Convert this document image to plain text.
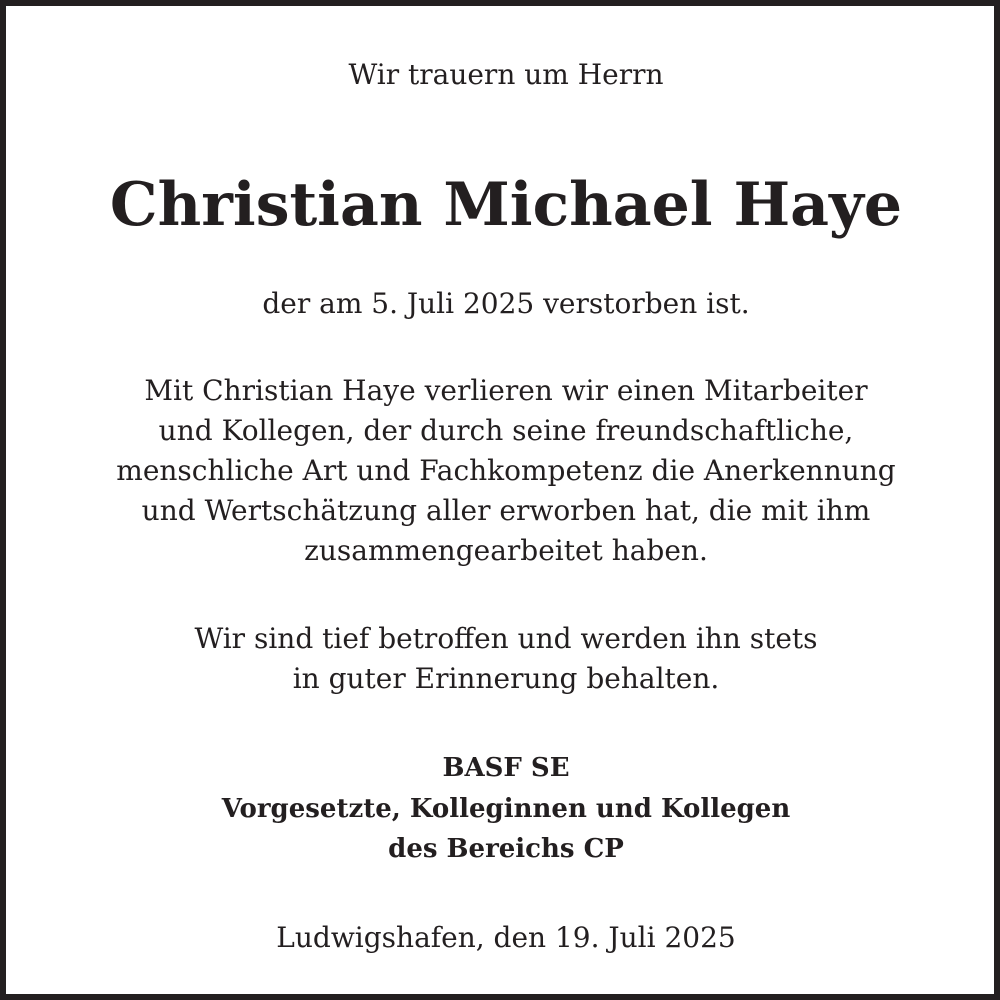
Wir trauern um Herrn

Christian Michael Haye

der am 5. Juli 2025 verstorben ist.

Mit Christian Haye verlieren wir einen Mitarbeiter

und Kollegen, der durch seine freundschaftliche,

menschliche Art und Fachkompetenz die Anerkennung

und Wertschätzung aller erworben hat, die mit ihm

zusammengearbeitet haben.

Wir sind tief betroffen und werden ihn stets

in guter Erinnerung behalten.

BASF SE

Vorgesetzte, Kolleginnen und Kollegen

des Bereichs CP

Ludwigshafen, den 19. Juli 2025
